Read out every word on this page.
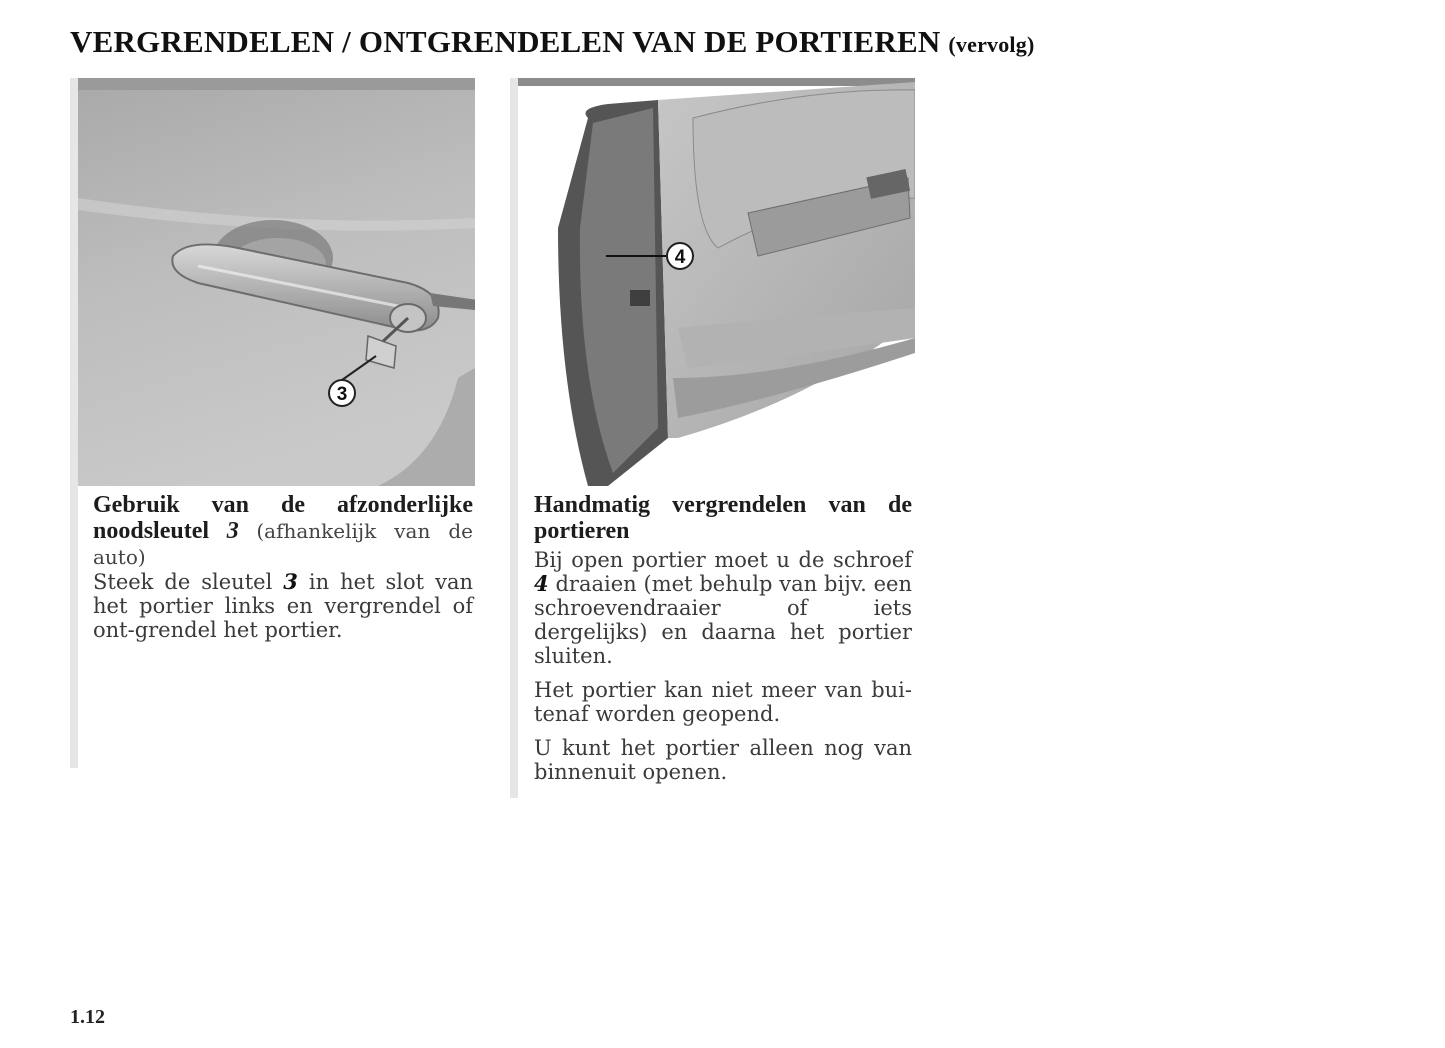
VERGRENDELEN / ONTGRENDELEN VAN DE PORTIEREN (vervolg)
3

Gebruik van de afzonderlijke noodsleutel 3 (afhankelijk van de auto)

Steek de sleutel 3 in het slot van het portier links en vergrendel of ont-grendel het portier.

4

Handmatig vergrendelen van de portieren

Bij open portier moet u de schroef 4 draaien (met behulp van bijv. een schroevendraaier of iets dergelijks) en daarna het portier sluiten.

Het portier kan niet meer van bui-tenaf worden geopend.

U kunt het portier alleen nog van binnenuit openen.

1.12
